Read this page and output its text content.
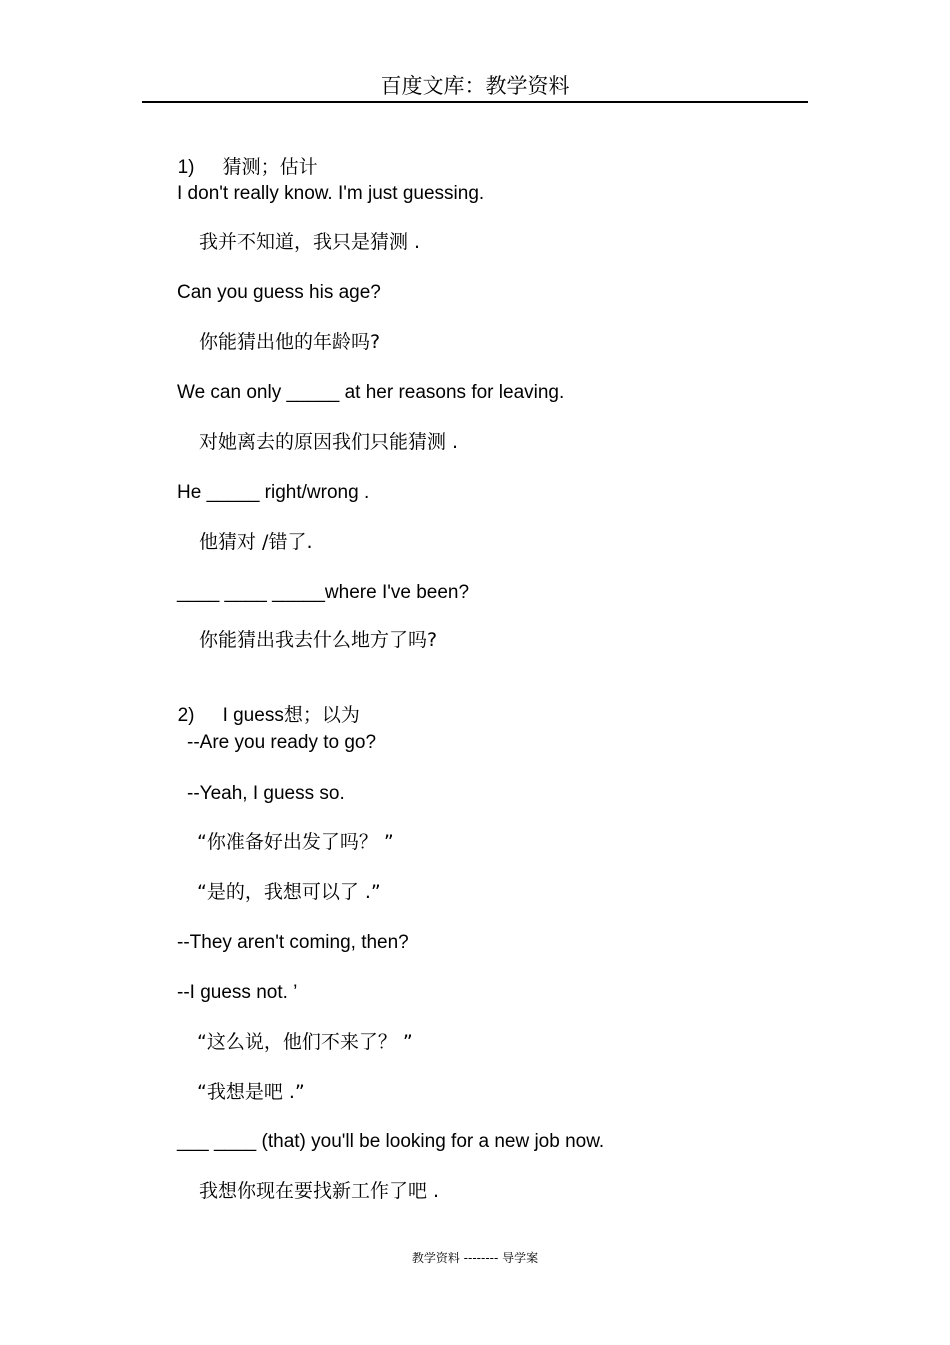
百度文库：教学资料

1) 猜测；估计

I don't really know. I'm just guessing.
我并不知道，我只是猜测 .
Can you guess his age?
你能猜出他的年龄吗?
We can only _____ at her reasons for leaving.
对她离去的原因我们只能猜测 .
He _____ right/wrong .
他猜对 /错了.
____ ____ _____where I've been?
你能猜出我去什么地方了吗?

2) I guess想；以为

--Are you ready to go?
--Yeah, I guess so.
“你准备好出发了吗？ ”
“是的，我想可以了 .”
--They aren't coming, then?
--I guess not. ’
“这么说，他们不来了？ ”
“我想是吧 .”
___ ____ (that) you'll be looking for a new job now.
我想你现在要找新工作了吧 .
教学资料 -------- 导学案
